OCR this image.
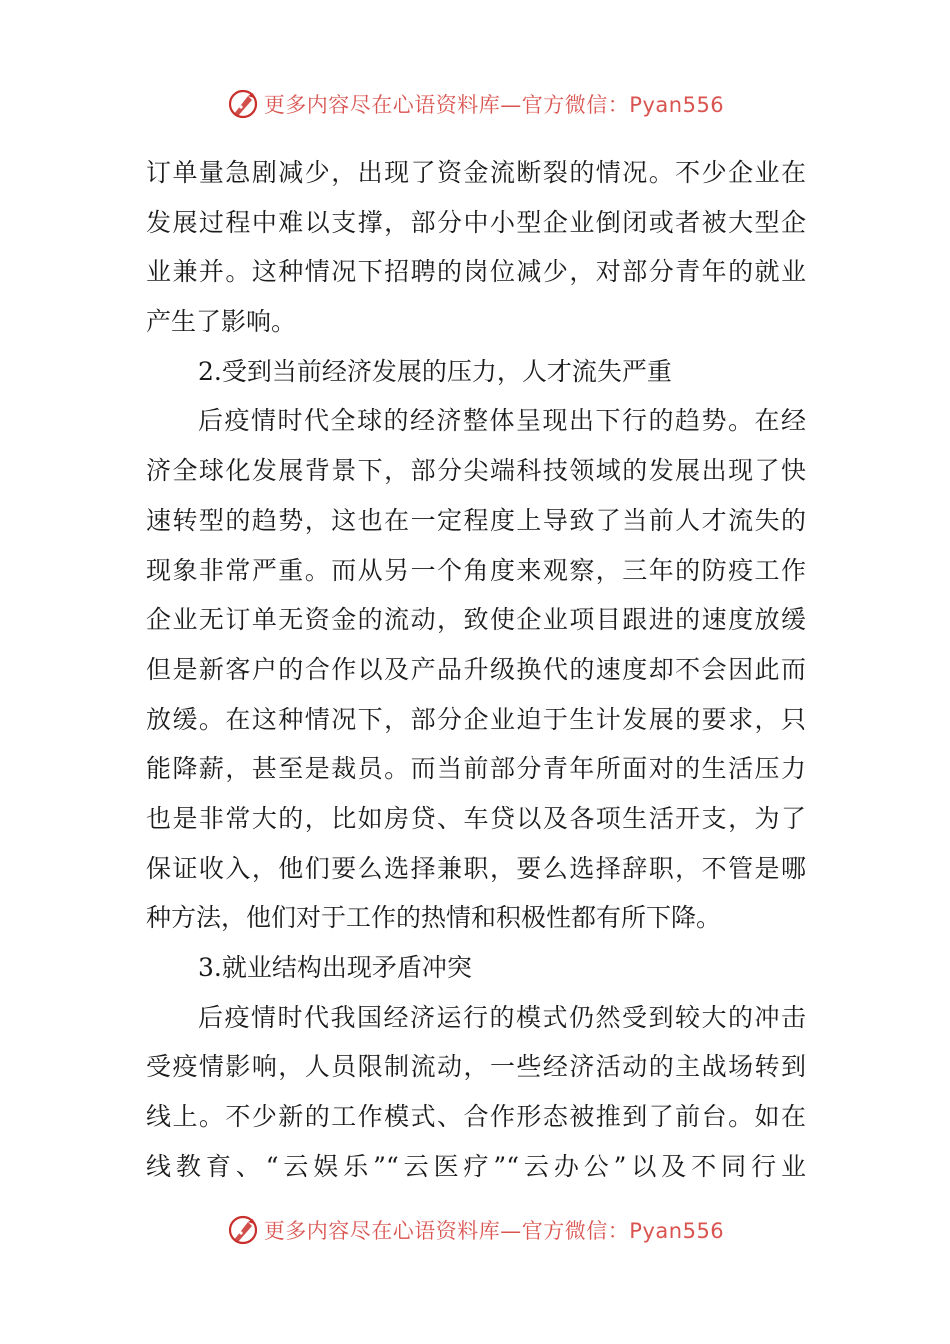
更多内容尽在心语资料库—官方微信：Pyan556
订单量急剧减少，出现了资金流断裂的情况。不少企业在
发展过程中难以支撑，部分中小型企业倒闭或者被大型企
业兼并。这种情况下招聘的岗位减少，对部分青年的就业
产生了影响。
2.受到当前经济发展的压力，人才流失严重
后疫情时代全球的经济整体呈现出下行的趋势。在经
济全球化发展背景下，部分尖端科技领域的发展出现了快
速转型的趋势，这也在一定程度上导致了当前人才流失的
现象非常严重。而从另一个角度来观察，三年的防疫工作
企业无订单无资金的流动，致使企业项目跟进的速度放缓
但是新客户的合作以及产品升级换代的速度却不会因此而
放缓。在这种情况下，部分企业迫于生计发展的要求，只
能降薪，甚至是裁员。而当前部分青年所面对的生活压力
也是非常大的，比如房贷、车贷以及各项生活开支，为了
保证收入，他们要么选择兼职，要么选择辞职，不管是哪
种方法，他们对于工作的热情和积极性都有所下降。
3.就业结构出现矛盾冲突
后疫情时代我国经济运行的模式仍然受到较大的冲击
受疫情影响，人员限制流动，一些经济活动的主战场转到
线上。不少新的工作模式、合作形态被推到了前台。如在
线教育、“云娱乐”“云医疗”“云办公”以及不同行业
更多内容尽在心语资料库—官方微信：Pyan556
